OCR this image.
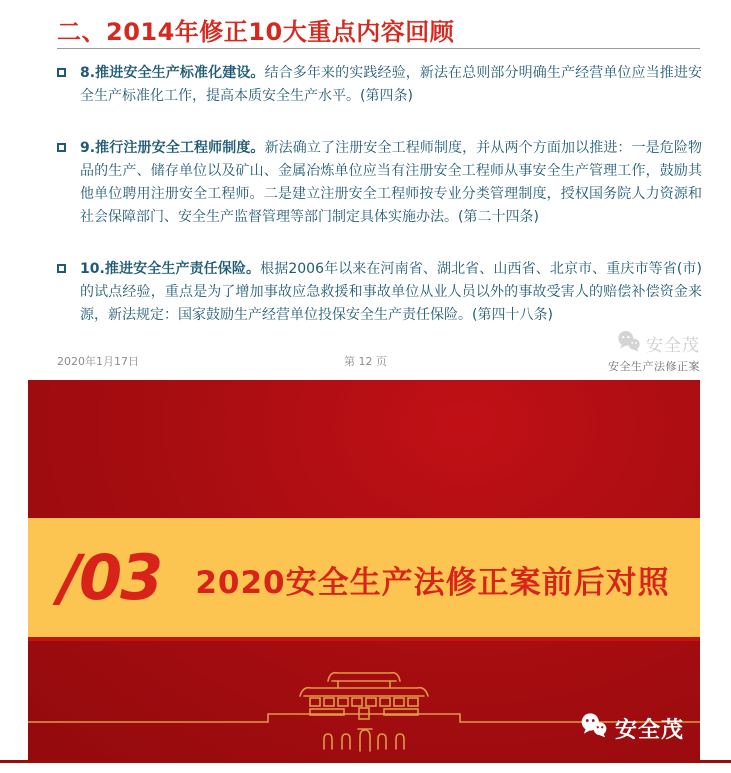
二、2014年修正10大重点内容回顾
8.推进安全生产标准化建设。结合多年来的实践经验，新法在总则部分明确生产经营单位应当推进安全生产标准化工作，提高本质安全生产水平。(第四条)
9.推行注册安全工程师制度。新法确立了注册安全工程师制度，并从两个方面加以推进：一是危险物品的生产、储存单位以及矿山、金属冶炼单位应当有注册安全工程师从事安全生产管理工作，鼓励其他单位聘用注册安全工程师。二是建立注册安全工程师按专业分类管理制度，授权国务院人力资源和社会保障部门、安全生产监督管理等部门制定具体实施办法。(第二十四条)
10.推进安全生产责任保险。根据2006年以来在河南省、湖北省、山西省、北京市、重庆市等省(市)的试点经验，重点是为了增加事故应急救援和事故单位从业人员以外的事故受害人的赔偿补偿资金来源，新法规定：国家鼓励生产经营单位投保安全生产责任保险。(第四十八条)
2020年1月17日	第 12 页
安全茂
安全生产法修正案
/03 2020安全生产法修正案前后对照
安全茂
